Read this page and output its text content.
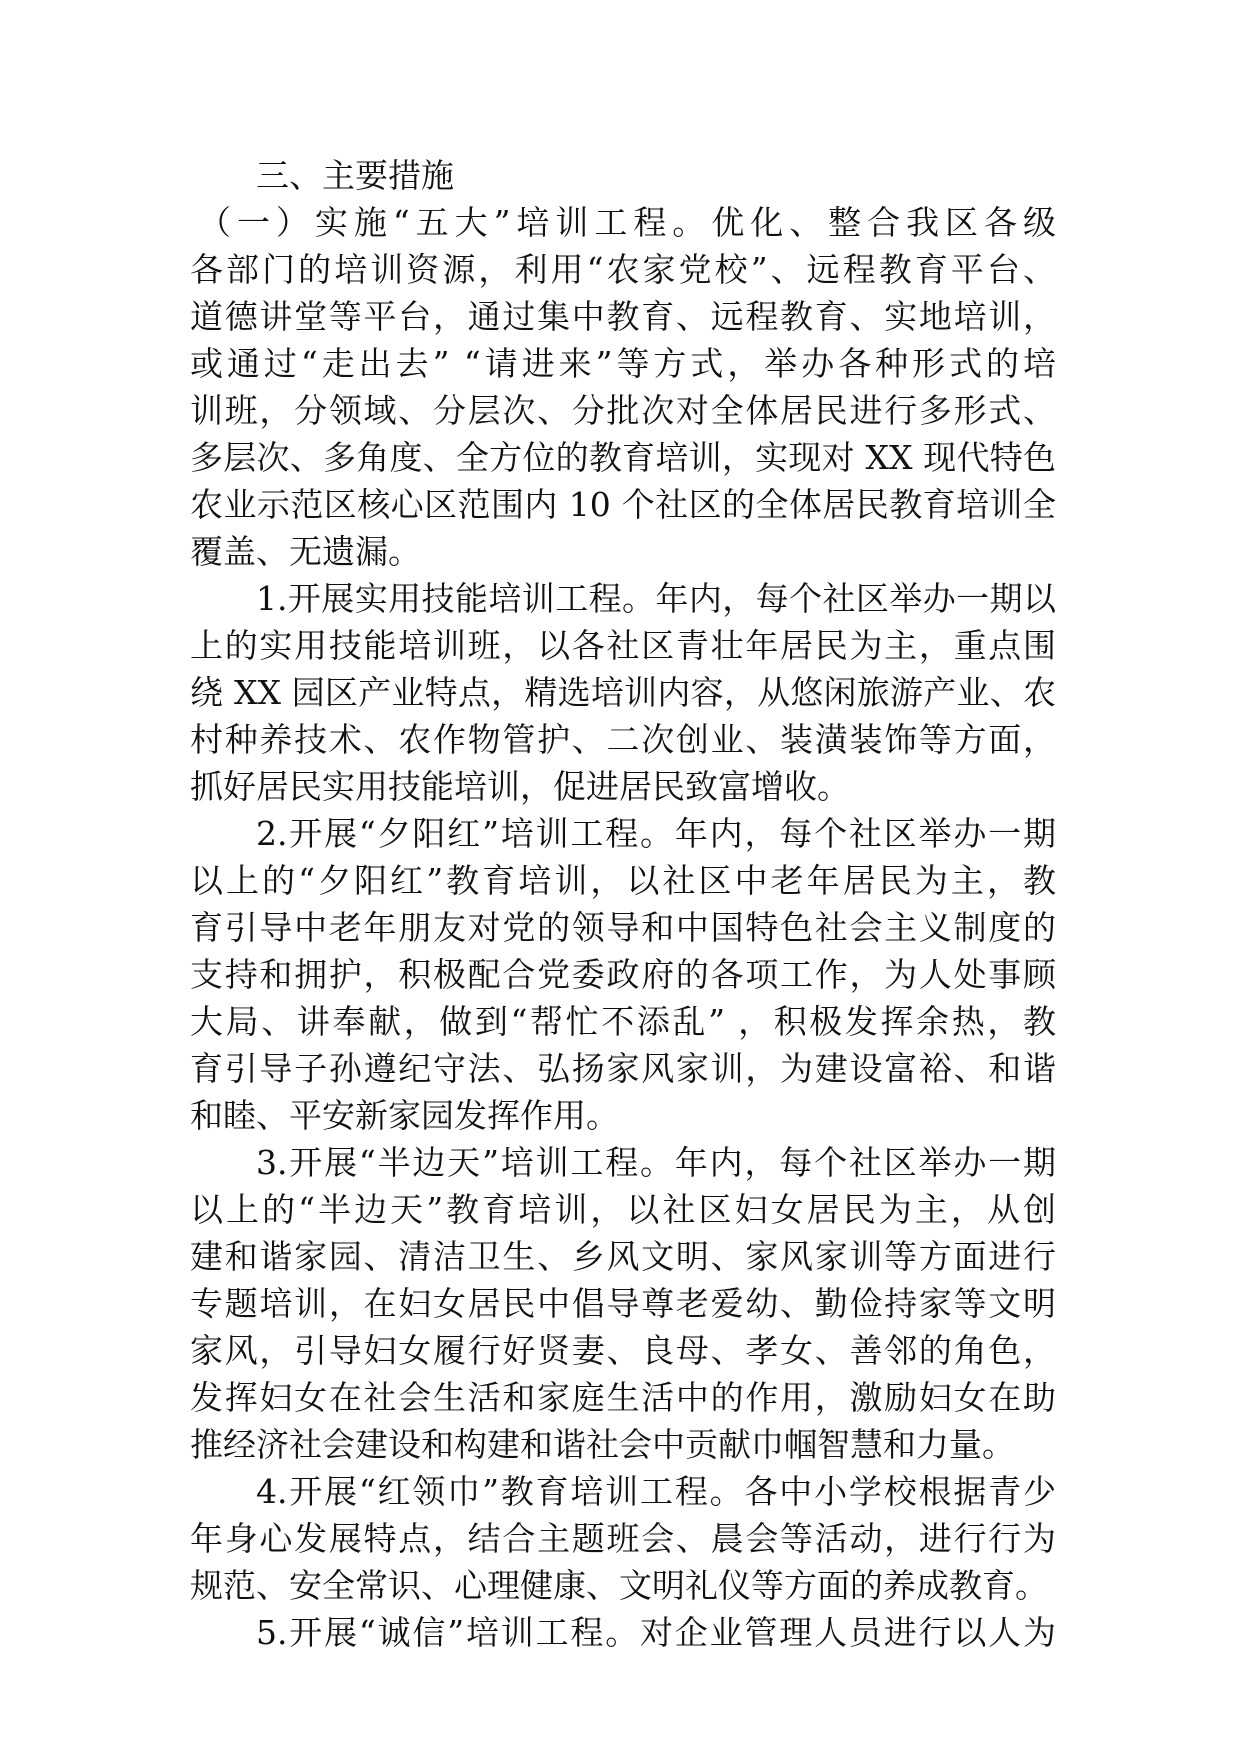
三、主要措施
（一）实施“五大”培训工程。优化、整合我区各级
各部门的培训资源，利用“农家党校”、远程教育平台、
道德讲堂等平台，通过集中教育、远程教育、实地培训，
或通过“走出去” “请进来”等方式，举办各种形式的培
训班，分领域、分层次、分批次对全体居民进行多形式、
多层次、多角度、全方位的教育培训，实现对 XX 现代特色
农业示范区核心区范围内 10 个社区的全体居民教育培训全
覆盖、无遗漏。
1.开展实用技能培训工程。年内，每个社区举办一期以
上的实用技能培训班，以各社区青壮年居民为主，重点围
绕 XX 园区产业特点，精选培训内容，从悠闲旅游产业、农
村种养技术、农作物管护、二次创业、装潢装饰等方面，
抓好居民实用技能培训，促进居民致富增收。
2.开展“夕阳红”培训工程。年内，每个社区举办一期
以上的“夕阳红”教育培训，以社区中老年居民为主，教
育引导中老年朋友对党的领导和中国特色社会主义制度的
支持和拥护，积极配合党委政府的各项工作，为人处事顾
大局、讲奉献，做到“帮忙不添乱” ，积极发挥余热，教
育引导子孙遵纪守法、弘扬家风家训，为建设富裕、和谐
和睦、平安新家园发挥作用。
3.开展“半边天”培训工程。年内，每个社区举办一期
以上的“半边天”教育培训，以社区妇女居民为主，从创
建和谐家园、清洁卫生、乡风文明、家风家训等方面进行
专题培训，在妇女居民中倡导尊老爱幼、勤俭持家等文明
家风，引导妇女履行好贤妻、良母、孝女、善邻的角色，
发挥妇女在社会生活和家庭生活中的作用，激励妇女在助
推经济社会建设和构建和谐社会中贡献巾帼智慧和力量。
4.开展“红领巾”教育培训工程。各中小学校根据青少
年身心发展特点，结合主题班会、晨会等活动，进行行为
规范、安全常识、心理健康、文明礼仪等方面的养成教育。
5.开展“诚信”培训工程。对企业管理人员进行以人为
